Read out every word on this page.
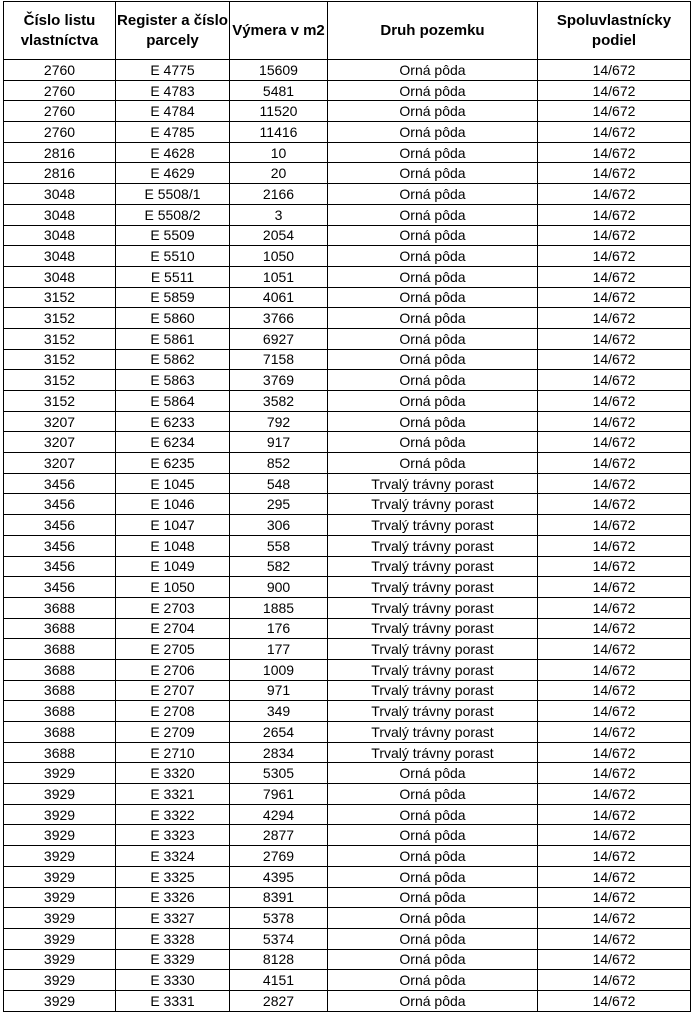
Číslo listu vlastníctva	Register a číslo parcely	Výmera v m2	Druh pozemku	Spoluvlastnícky podiel
2760	E 4775	15609	Orná pôda	14/672
2760	E 4783	5481	Orná pôda	14/672
2760	E 4784	11520	Orná pôda	14/672
2760	E 4785	11416	Orná pôda	14/672
2816	E 4628	10	Orná pôda	14/672
2816	E 4629	20	Orná pôda	14/672
3048	E 5508/1	2166	Orná pôda	14/672
3048	E 5508/2	3	Orná pôda	14/672
3048	E 5509	2054	Orná pôda	14/672
3048	E 5510	1050	Orná pôda	14/672
3048	E 5511	1051	Orná pôda	14/672
3152	E 5859	4061	Orná pôda	14/672
3152	E 5860	3766	Orná pôda	14/672
3152	E 5861	6927	Orná pôda	14/672
3152	E 5862	7158	Orná pôda	14/672
3152	E 5863	3769	Orná pôda	14/672
3152	E 5864	3582	Orná pôda	14/672
3207	E 6233	792	Orná pôda	14/672
3207	E 6234	917	Orná pôda	14/672
3207	E 6235	852	Orná pôda	14/672
3456	E 1045	548	Trvalý trávny porast	14/672
3456	E 1046	295	Trvalý trávny porast	14/672
3456	E 1047	306	Trvalý trávny porast	14/672
3456	E 1048	558	Trvalý trávny porast	14/672
3456	E 1049	582	Trvalý trávny porast	14/672
3456	E 1050	900	Trvalý trávny porast	14/672
3688	E 2703	1885	Trvalý trávny porast	14/672
3688	E 2704	176	Trvalý trávny porast	14/672
3688	E 2705	177	Trvalý trávny porast	14/672
3688	E 2706	1009	Trvalý trávny porast	14/672
3688	E 2707	971	Trvalý trávny porast	14/672
3688	E 2708	349	Trvalý trávny porast	14/672
3688	E 2709	2654	Trvalý trávny porast	14/672
3688	E 2710	2834	Trvalý trávny porast	14/672
3929	E 3320	5305	Orná pôda	14/672
3929	E 3321	7961	Orná pôda	14/672
3929	E 3322	4294	Orná pôda	14/672
3929	E 3323	2877	Orná pôda	14/672
3929	E 3324	2769	Orná pôda	14/672
3929	E 3325	4395	Orná pôda	14/672
3929	E 3326	8391	Orná pôda	14/672
3929	E 3327	5378	Orná pôda	14/672
3929	E 3328	5374	Orná pôda	14/672
3929	E 3329	8128	Orná pôda	14/672
3929	E 3330	4151	Orná pôda	14/672
3929	E 3331	2827	Orná pôda	14/672
